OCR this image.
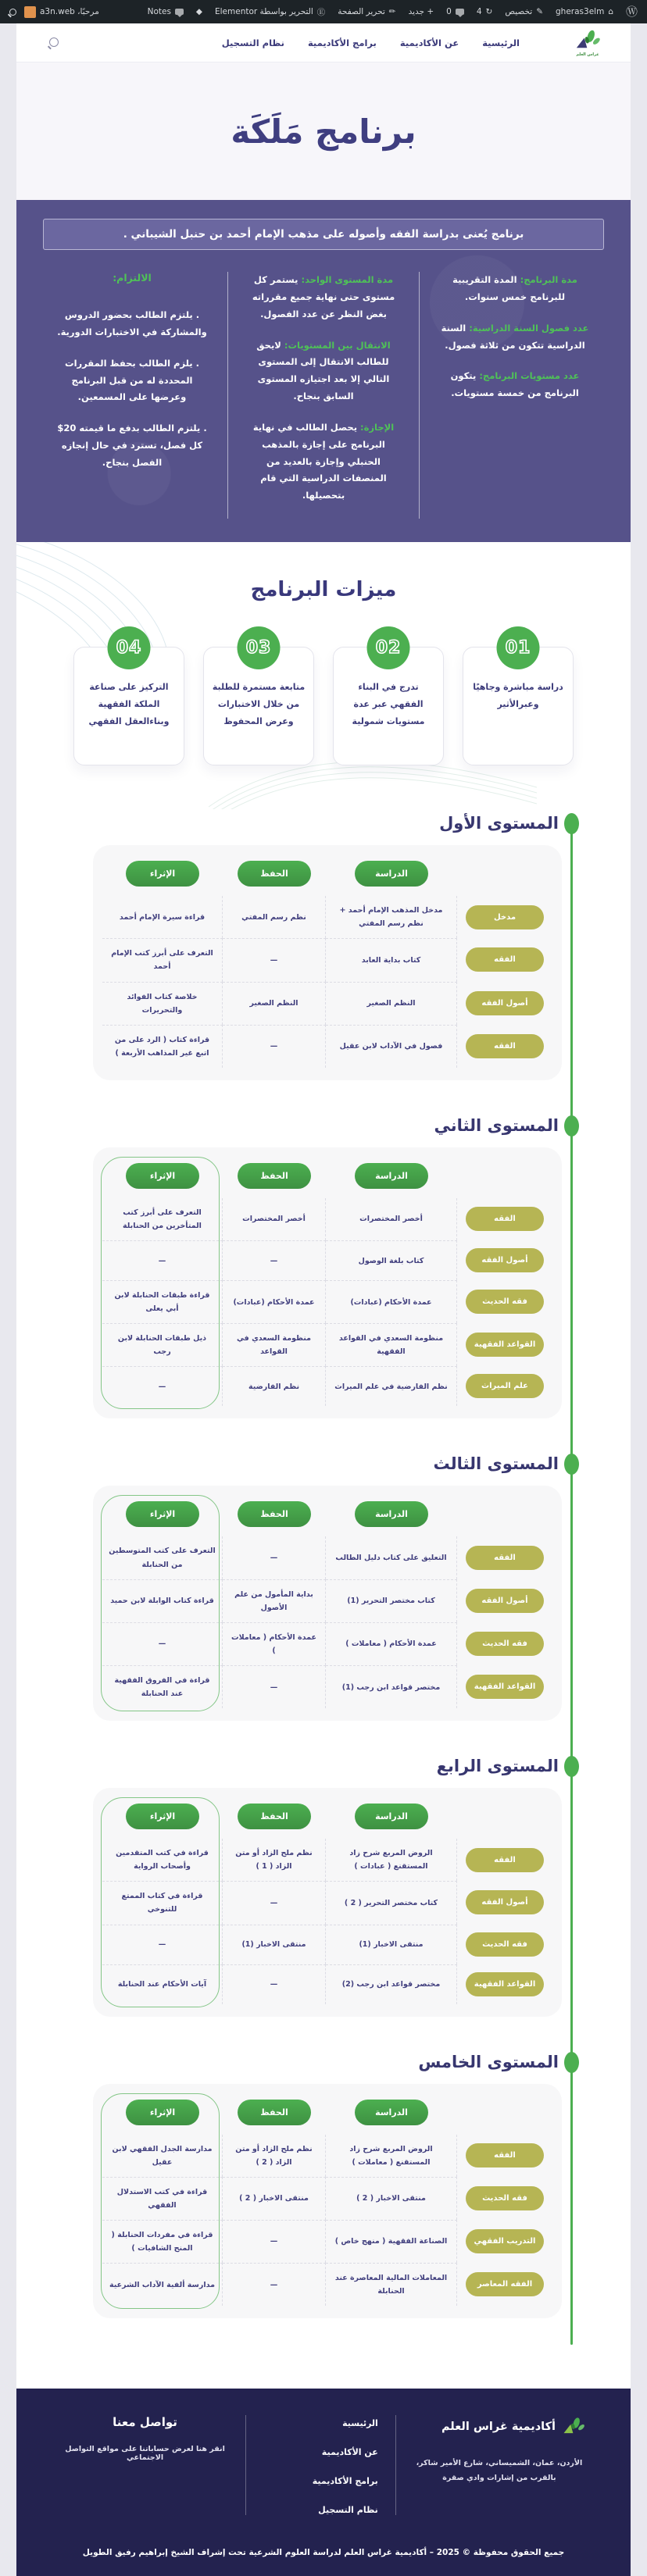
Ⓦ
⌂
gheras3elm
✎
تخصيص
↻
4
0
+ جديد
✏
تحرير الصفحة
Ⓔ
التحرير بواسطة Elementor
◆
Notes
مرحبًا، a3n.web
غراس العلم
الرئيسية
عن الأكاديمية
برامج الأكاديمية
نظام التسجيل
برنامج مَلَكَة
برنامج يُعنى بدراسة الفقه وأصوله على مذهب الإمام أحمد بن حنبل الشيباني .

مدة البرنامج: المدة التقريبية للبرنامج خمس سنوات.

عدد فصول السنة الدراسية: السنة الدراسية تتكون من ثلاثة فصول.

عدد مستويات البرنامج: يتكون البرنامج من خمسة مستويات.

مدة المستوى الواحد: يستمر كل مستوى حتى نهاية جميع مقرراته بغض النظر عن عدد الفصول.

الانتقال بين المستويات: لايحق للطالب الانتقال إلى المستوى التالي إلا بعد اجتيازه المستوى السابق بنجاح.

الإجازة: يحصل الطالب في نهاية البرنامج على إجازة بالمذهب الحنبلي وإجازة بالعديد من المنصفات الدراسية التي قام بتحصيلها.

الالتزام:

. يلتزم الطالب بحضور الدروس والمشاركة في الاختبارات الدورية.

. يلزم الطالب بحفظ المقررات المحددة له من قبل البرنامج وعرضها على المسمعين.

. يلتزم الطالب بدفع ما قيمته 20$ كل فصل، تسترد في حال إنجازه الفصل بنجاح.

ميزات البرنامج
01
دراسة مباشرة وجاهيًا وعبرالأثير
02
تدرج في البناء الفقهي عبر عدة مستويات شمولية
03
متابعة مستمرة للطلبة من خلال الاختبارات وعرض المحفوظ
04
التركيز على صناعة الملكة الفقهية وبناءالعقل الفقهي
المستوى الأول
الدراسة
الحفظ
الإثراء
مدخل
مدخل المذهب الإمام أحمد + نظم رسم المفتي
نظم رسم المفتي
قراءة سيرة الإمام أحمد
الفقه
كتاب بداية العابد
—
التعرف على أبرز كتب الإمام أحمد
أصول الفقه
النظم الصغير
النظم الصغير
خلاصة كتاب الفوائد والتحريرات
الفقه
فصول في الآداب لابن عقيل
—
قراءة كتاب ( الرد على من اتبع غير المذاهب الأربعة )
المستوى الثاني
الدراسة
الحفظ
الإثراء
الفقه
أخصر المختصرات
أخصر المختصرات
التعرف على أبرز كتب المتأخرين من الحنابلة
أصول الفقه
كتاب بلغة الوصول
—
—
فقه الحديث
عمدة الأحكام (عبادات)
عمدة الأحكام (عبادات)
قراءة طبقات الحنابلة لابن أبي يعلى
القواعد الفقهية
منظومة السعدي في القواعد الفقهية
منظومة السعدي في القواعد
ذيل طبقات الحنابلة لابن رجب
علم الميراث
نظم الفارضية في علم الميراث
نظم الفارضية
—
المستوى الثالث
الدراسة
الحفظ
الإثراء
الفقه
التعليق على كتاب دليل الطالب
—
التعرف على كتب المتوسطين من الحنابلة
أصول الفقه
كتاب مختصر التحرير (1)
بداية المأمول من علم الأصول
قراءة كتاب الوابلة لابن حميد
فقه الحديث
عمدة الأحكام ( معاملات )
عمدة الأحكام ( معاملات )
—
القواعد الفقهية
مختصر قواعد ابن رجب (1)
—
قراءة في الفروق الفقهية عند الحنابلة
المستوى الرابع
الدراسة
الحفظ
الإثراء
الفقه
الروض المربع شرح زاد المستقنع ( عبادات )
نظم ملح الزاد أو متن الزاد ( 1 )
قراءة في كتب المتقدمين وأصحاب الرواية
أصول الفقه
كتاب مختصر التحرير ( 2 )
—
قراءة في كتاب الممتع للتنوخي
فقه الحديث
منتقى الاخبار (1)
منتقى الاخبار (1)
—
القواعد الفقهية
مختصر قواعد ابن رجب (2)
—
آيات الأحكام عند الحنابلة
المستوى الخامس
الدراسة
الحفظ
الإثراء
الفقه
الروض المربع شرح زاد المستقنع ( معاملات )
نظم ملح الزاد أو متن الزاد ( 2 )
مدارسة الجدل الفقهي لابن عقيل
فقه الحديث
منتقى الاخبار ( 2 )
منتقى الاخبار ( 2 )
قراءة في كتب الاستدلال الفقهي
التدريب الفقهي
الصناعة الفقهية ( منهج خاص )
—
قراءة في مفردات الحنابلة ( المنح الشافيات )
الفقه المعاصر
المعاملات المالية المعاصرة عند الحنابلة
—
مدارسة ألفية الآداب الشرعية
أكاديمية غراس العلم

الأردن، عمان، الشميساني، شارع الأمير شاكر، بالقرب من إشارات وادي صقرة

الرئيسية
عن الأكاديمية
برامج الأكاديمية
نظام التسجيل
تواصل معنا

انقر هنا لعرض حساباتنا على مواقع التواصل الاجتماعي

جميع الحقوق محفوظة © 2025 – أكاديمية غراس العلم لدراسة العلوم الشرعية تحت إشراف الشيخ إبراهيم رفيق الطويل
